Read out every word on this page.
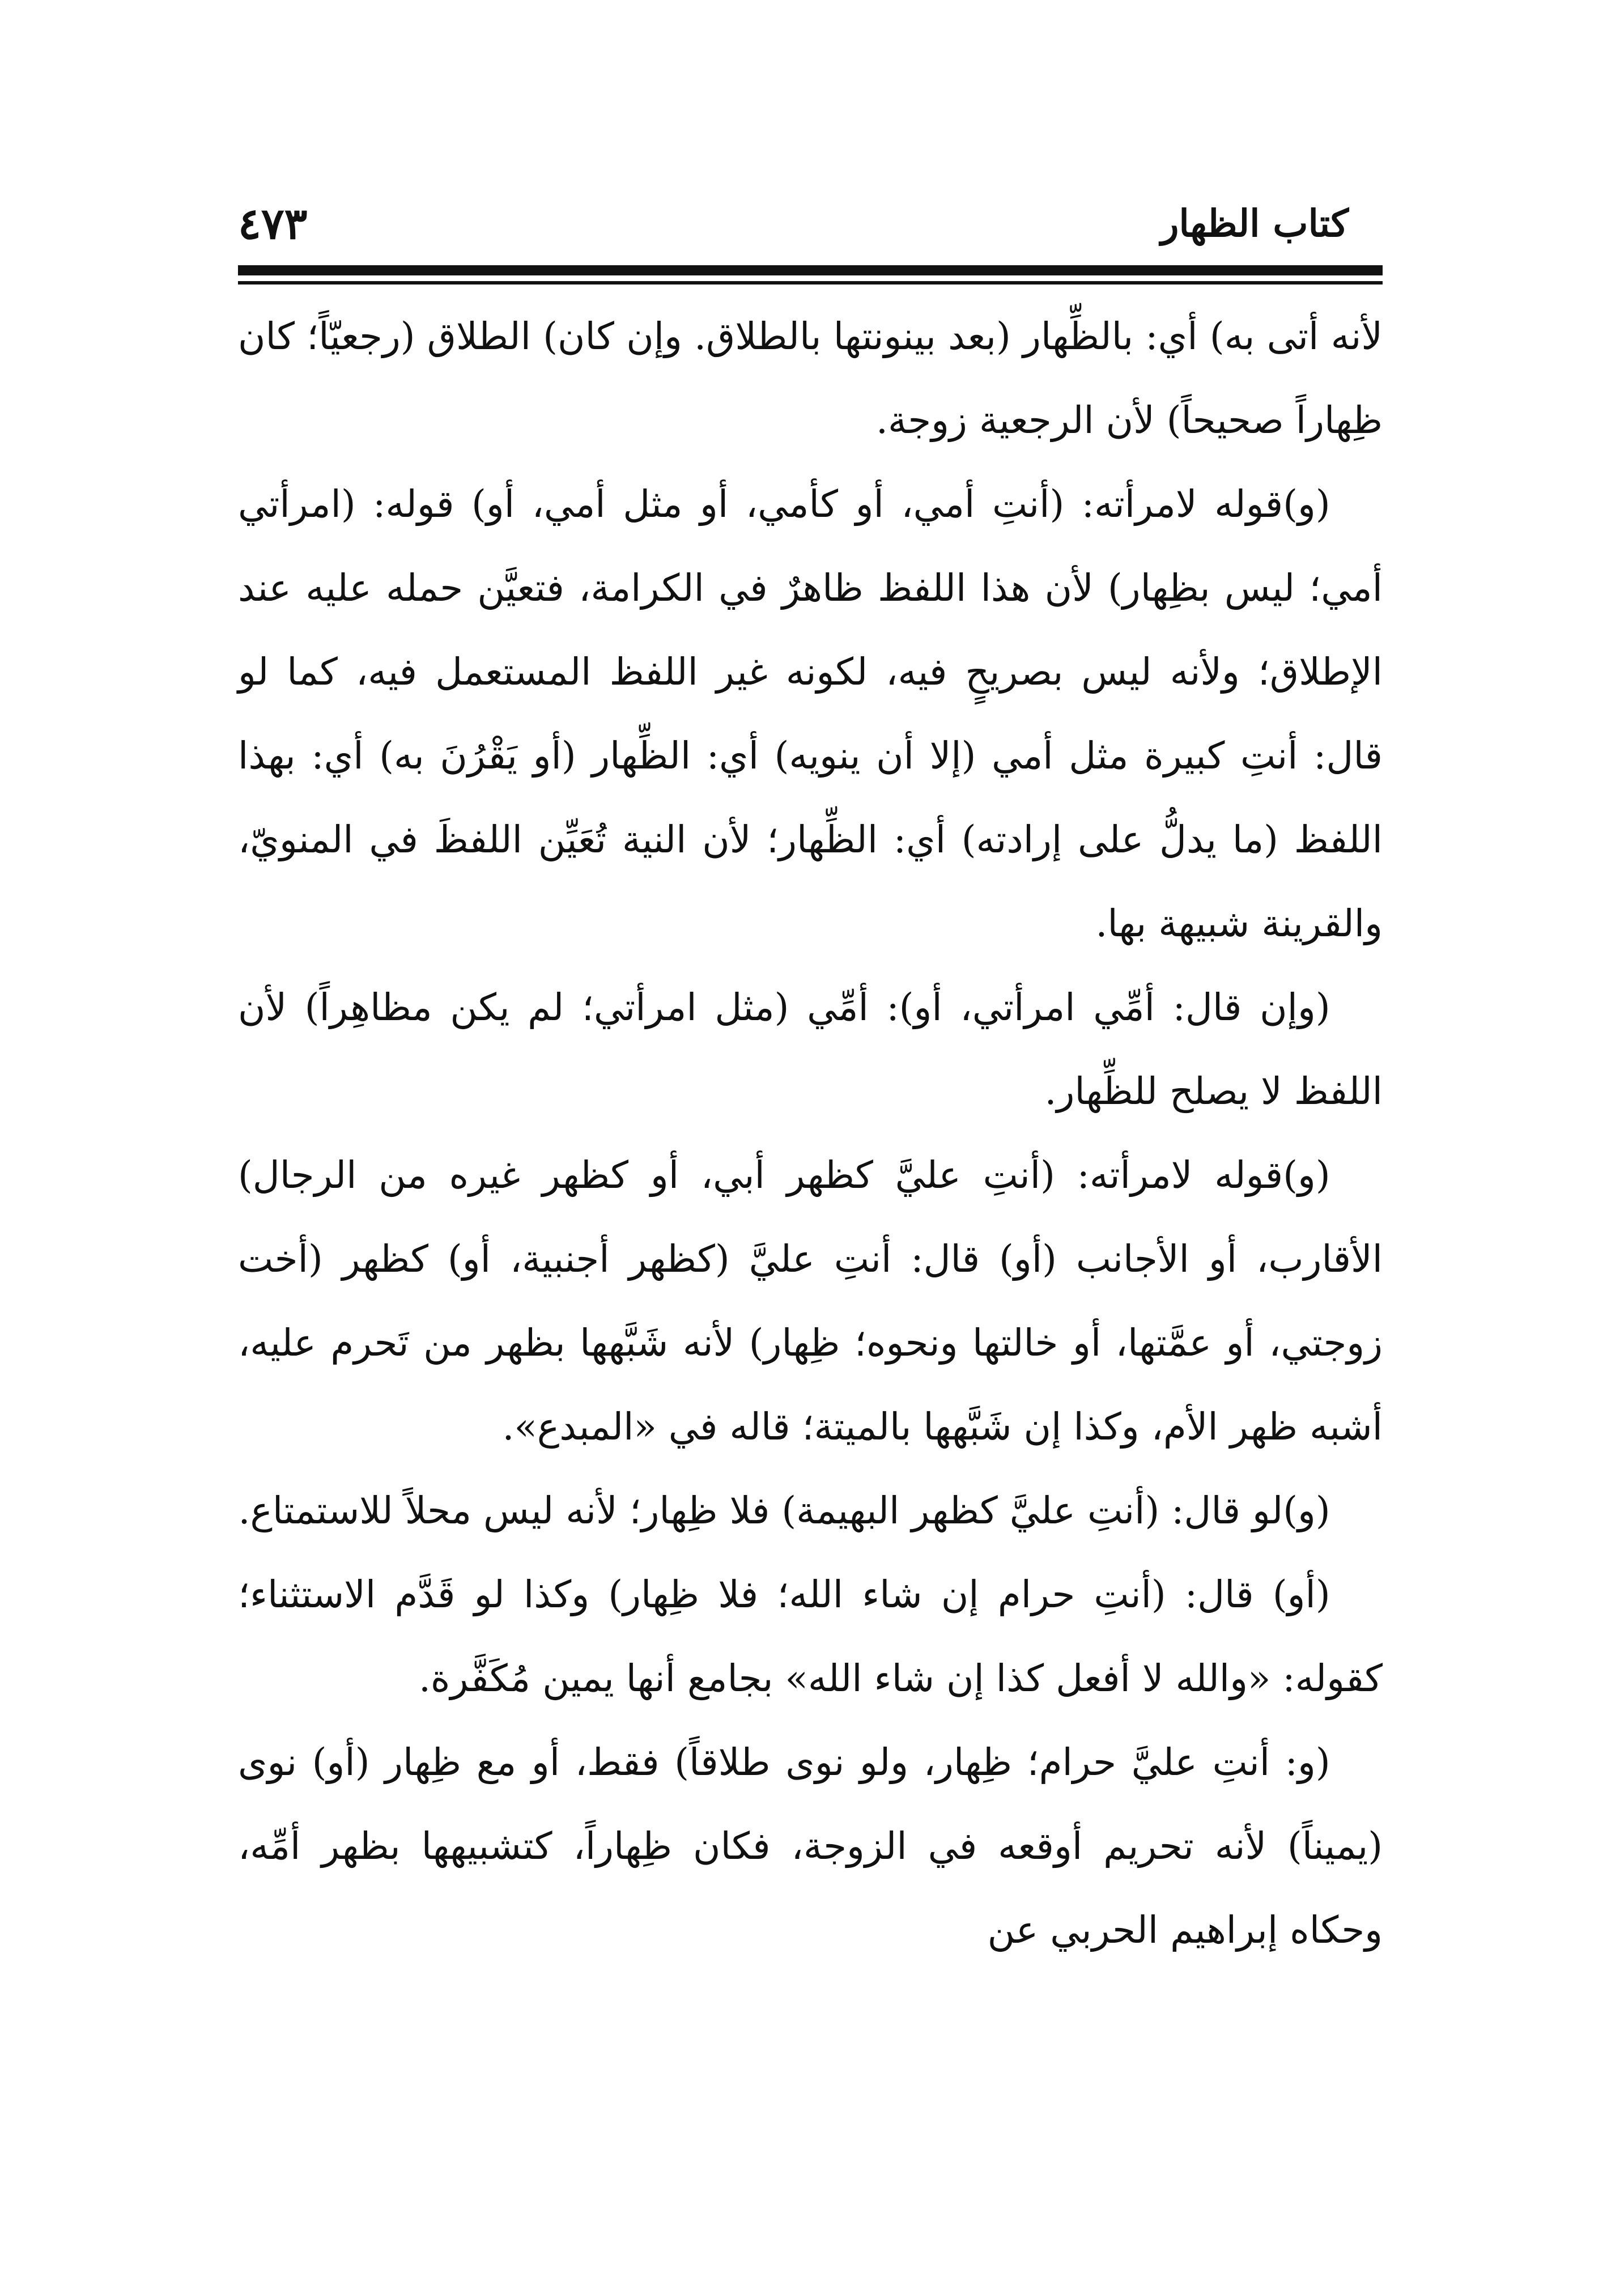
٤٧٣	كتاب الظهار

لأنه أتى به) أي: بالظِّهار (بعد بينونتها بالطلاق. وإن كان) الطلاق (رجعيّاً؛ كان ظِهاراً صحيحاً) لأن الرجعية زوجة.

(و)قوله لامرأته: (أنتِ أمي، أو كأمي، أو مثل أمي، أو) قوله: (امرأتي أمي؛ ليس بظِهار) لأن هذا اللفظ ظاهرٌ في الكرامة، فتعيَّن حمله عليه عند الإطلاق؛ ولأنه ليس بصريحٍ فيه، لكونه غير اللفظ المستعمل فيه، كما لو قال: أنتِ كبيرة مثل أمي (إلا أن ينويه) أي: الظِّهار (أو يَقْرُنَ به) أي: بهذا اللفظ (ما يدلُّ على إرادته) أي: الظِّهار؛ لأن النية تُعَيِّن اللفظَ في المنويّ، والقرينة شبيهة بها.

(وإن قال: أمِّي امرأتي، أو): أمِّي (مثل امرأتي؛ لم يكن مظاهِراً) لأن اللفظ لا يصلح للظِّهار.

(و)قوله لامرأته: (أنتِ عليَّ كظهر أبي، أو كظهر غيره من الرجال) الأقارب، أو الأجانب (أو) قال: أنتِ عليَّ (كظهر أجنبية، أو) كظهر (أخت زوجتي، أو عمَّتها، أو خالتها ونحوه؛ ظِهار) لأنه شَبَّهها بظهر من تَحرم عليه، أشبه ظهر الأم، وكذا إن شَبَّهها بالميتة؛ قاله في «المبدع».

(و)لو قال: (أنتِ عليَّ كظهر البهيمة) فلا ظِهار؛ لأنه ليس محلاً للاستمتاع.

(أو) قال: (أنتِ حرام إن شاء الله؛ فلا ظِهار) وكذا لو قَدَّم الاستثناء؛ كقوله: «والله لا أفعل كذا إن شاء الله» بجامع أنها يمين مُكَفَّرة.

(و: أنتِ عليَّ حرام؛ ظِهار، ولو نوى طلاقاً) فقط، أو مع ظِهار (أو) نوى (يميناً) لأنه تحريم أوقعه في الزوجة، فكان ظِهاراً، كتشبيهها بظهر أمِّه، وحكاه إبراهيم الحربي عن
